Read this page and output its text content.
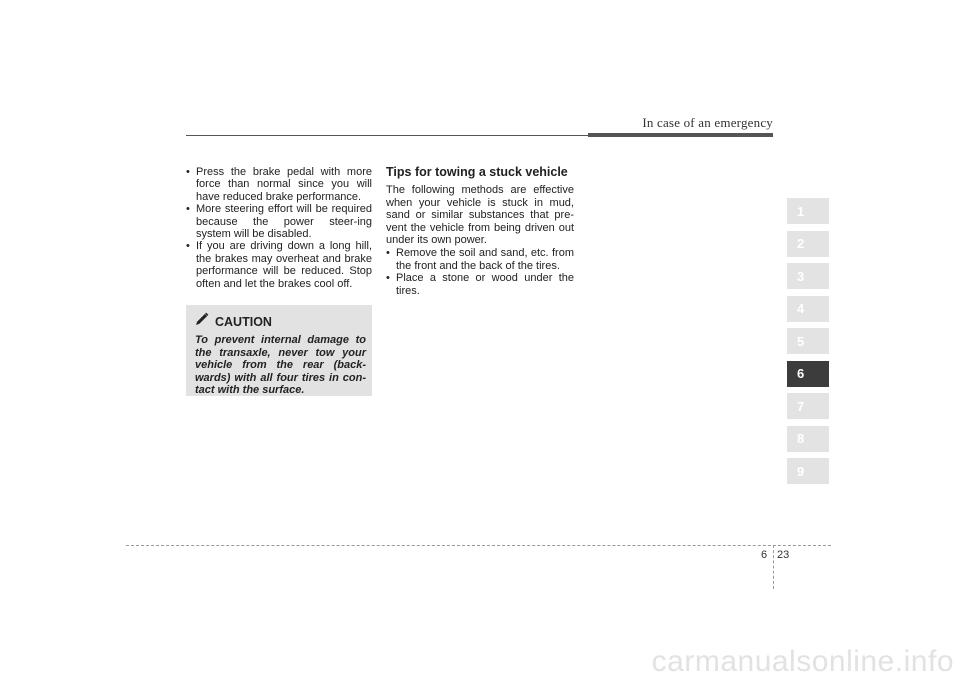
In case of an emergency
• Press the brake pedal with more force than normal since you will have reduced brake performance.
• More steering effort will be required because the power steer-ing system will be disabled.
• If you are driving down a long hill, the brakes may overheat and brake performance will be reduced. Stop often and let the brakes cool off.
CAUTION
To prevent internal damage to the transaxle, never tow your vehicle from the rear (back-wards) with all four tires in con-tact with the surface.
Tips for towing a stuck vehicle

The following methods are effective when your vehicle is stuck in mud, sand or similar substances that pre-vent the vehicle from being driven out under its own power.

• Remove the soil and sand, etc. from the front and the back of the tires.
• Place a stone or wood under the tires.
1
2
3
4
5
6
7
8
9
6 23
carmanualsonline.info
